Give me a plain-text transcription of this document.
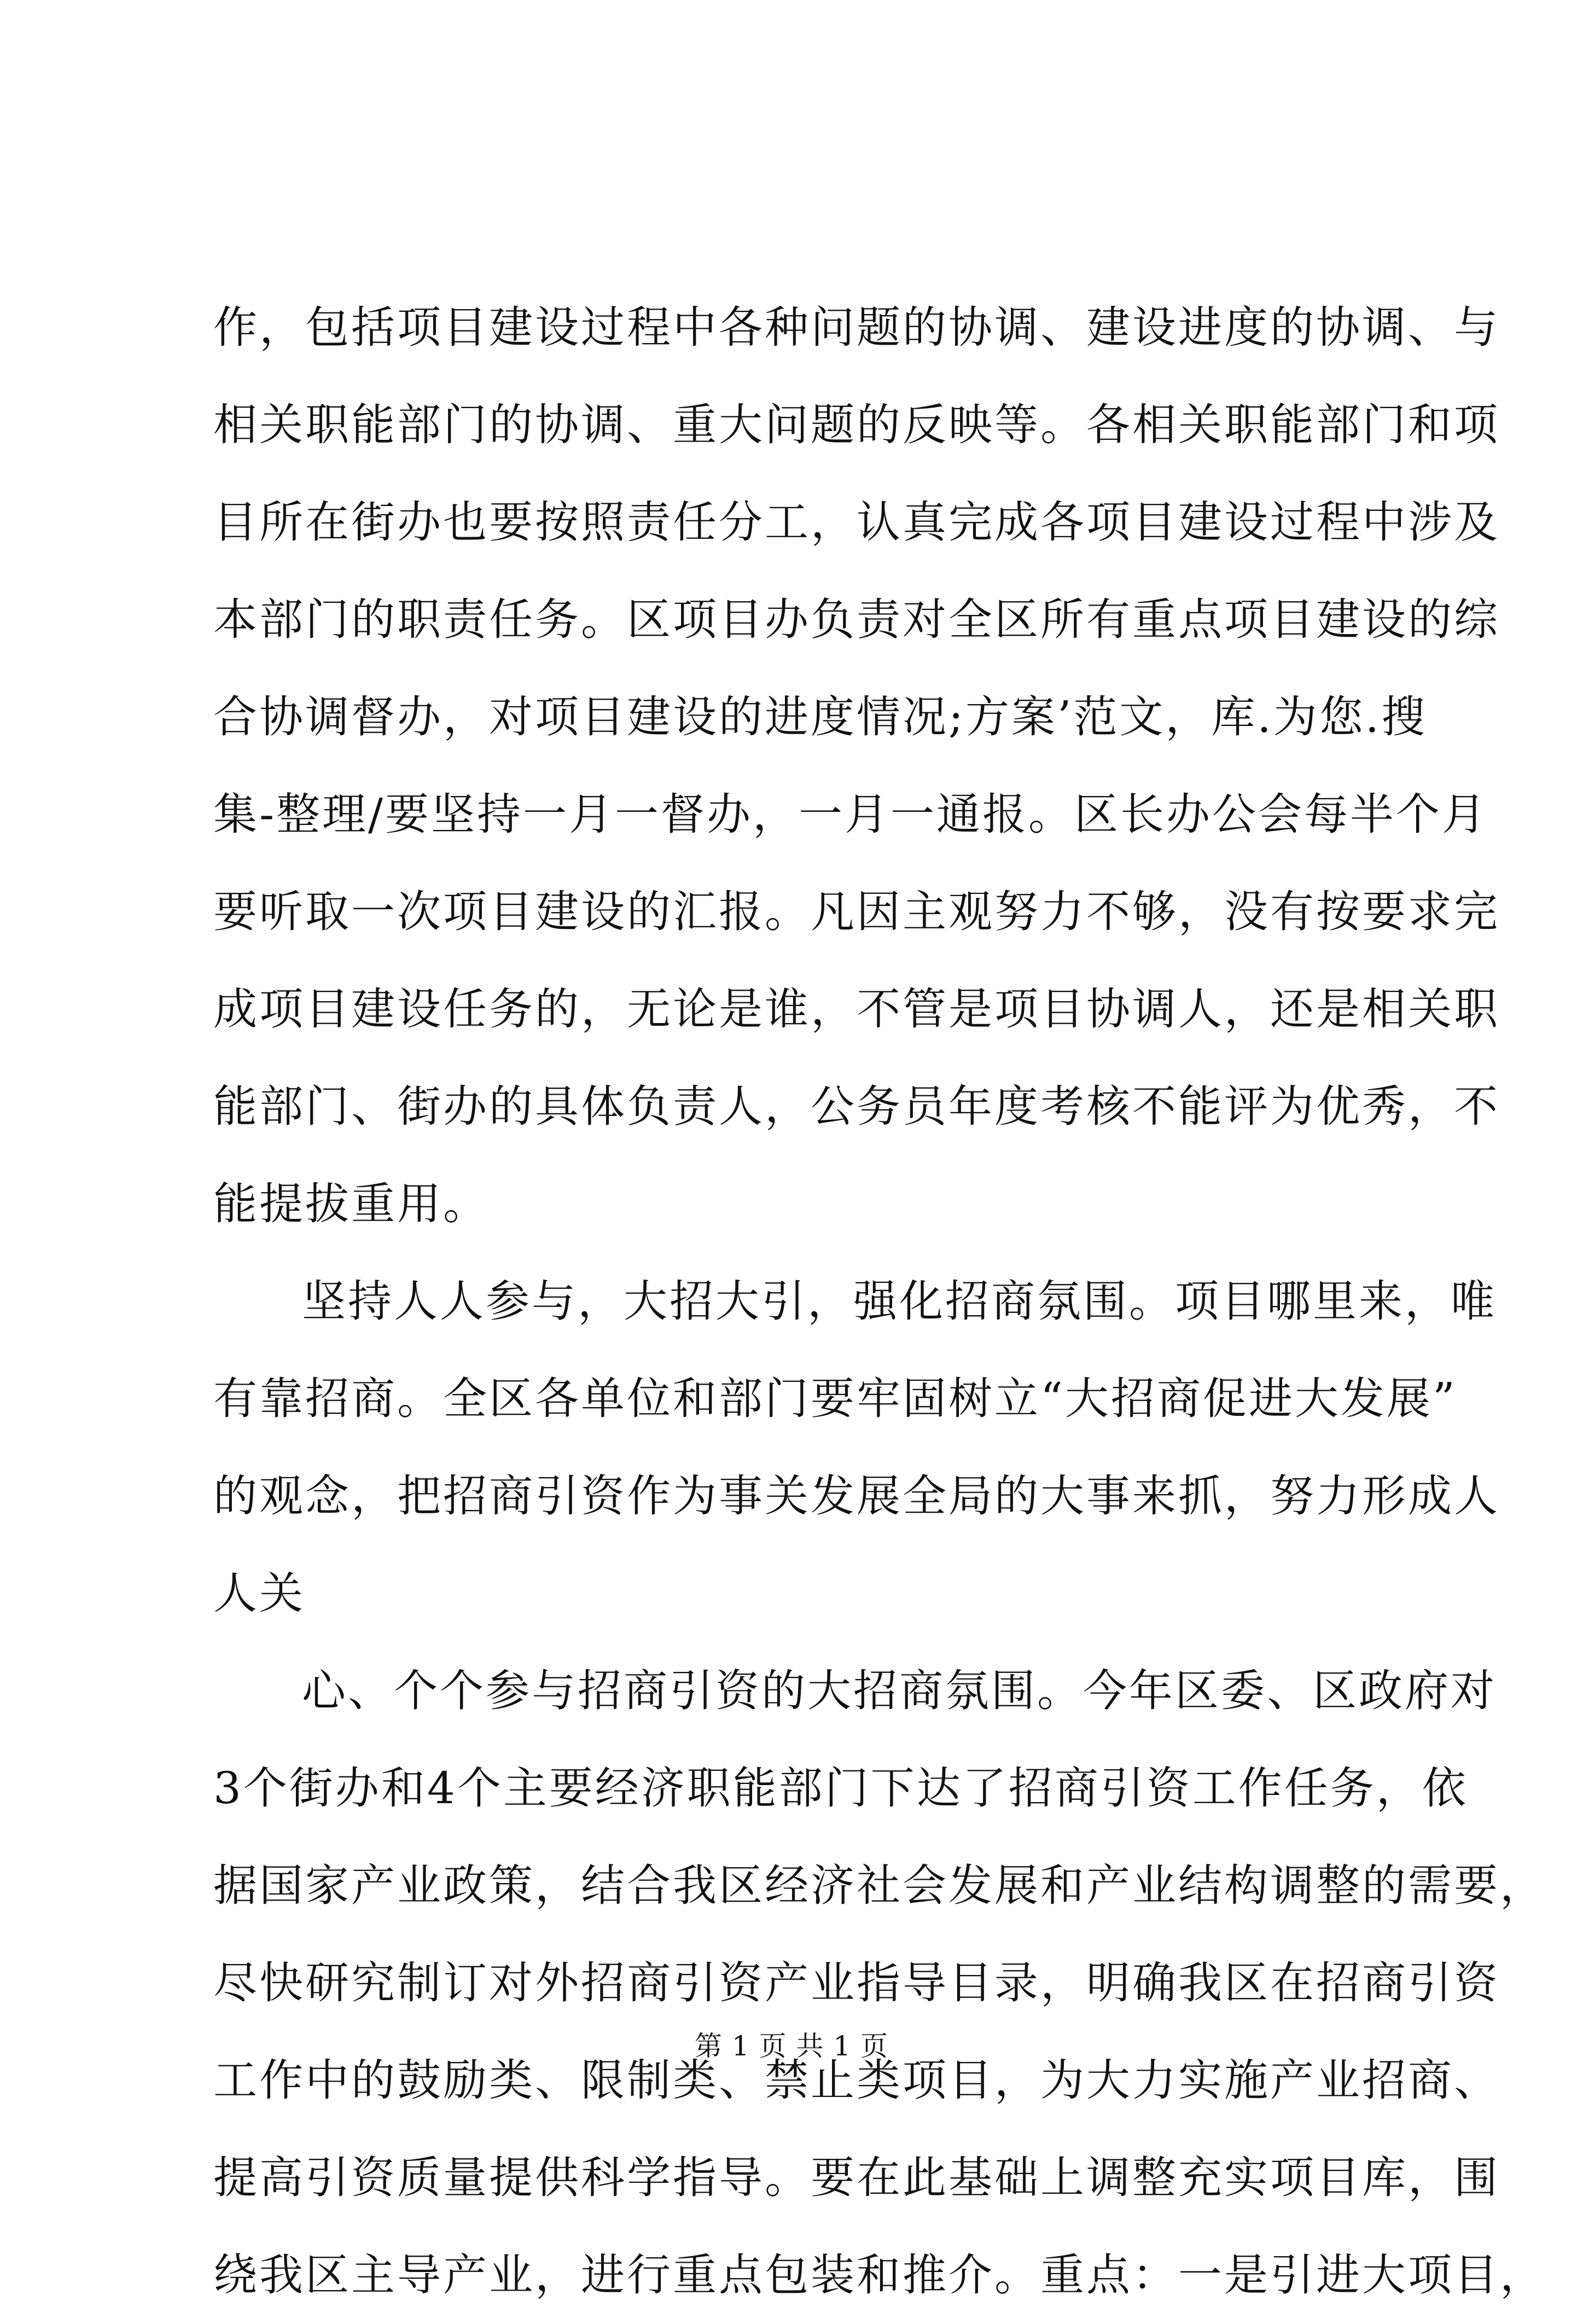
作，包括项目建设过程中各种问题的协调、建设进度的协调、与
相关职能部门的协调、重大问题的反映等。各相关职能部门和项
目所在街办也要按照责任分工，认真完成各项目建设过程中涉及
本部门的职责任务。区项目办负责对全区所有重点项目建设的综
合协调督办，对项目建设的进度情况;方案’范文，库.为您.搜
集-整理/要坚持一月一督办，一月一通报。区长办公会每半个月
要听取一次项目建设的汇报。凡因主观努力不够，没有按要求完
成项目建设任务的，无论是谁，不管是项目协调人，还是相关职
能部门、街办的具体负责人，公务员年度考核不能评为优秀，不
能提拔重用。
坚持人人参与，大招大引，强化招商氛围。项目哪里来，唯
有靠招商。全区各单位和部门要牢固树立“大招商促进大发展”
的观念，把招商引资作为事关发展全局的大事来抓，努力形成人
人关
心、个个参与招商引资的大招商氛围。今年区委、区政府对
3个街办和4个主要经济职能部门下达了招商引资工作任务，依
据国家产业政策，结合我区经济社会发展和产业结构调整的需要，
尽快研究制订对外招商引资产业指导目录，明确我区在招商引资
工作中的鼓励类、限制类、禁止类项目，为大力实施产业招商、
提高引资质量提供科学指导。要在此基础上调整充实项目库，围
绕我区主导产业，进行重点包装和推介。重点：一是引进大项目，
第 1 页 共 1 页
